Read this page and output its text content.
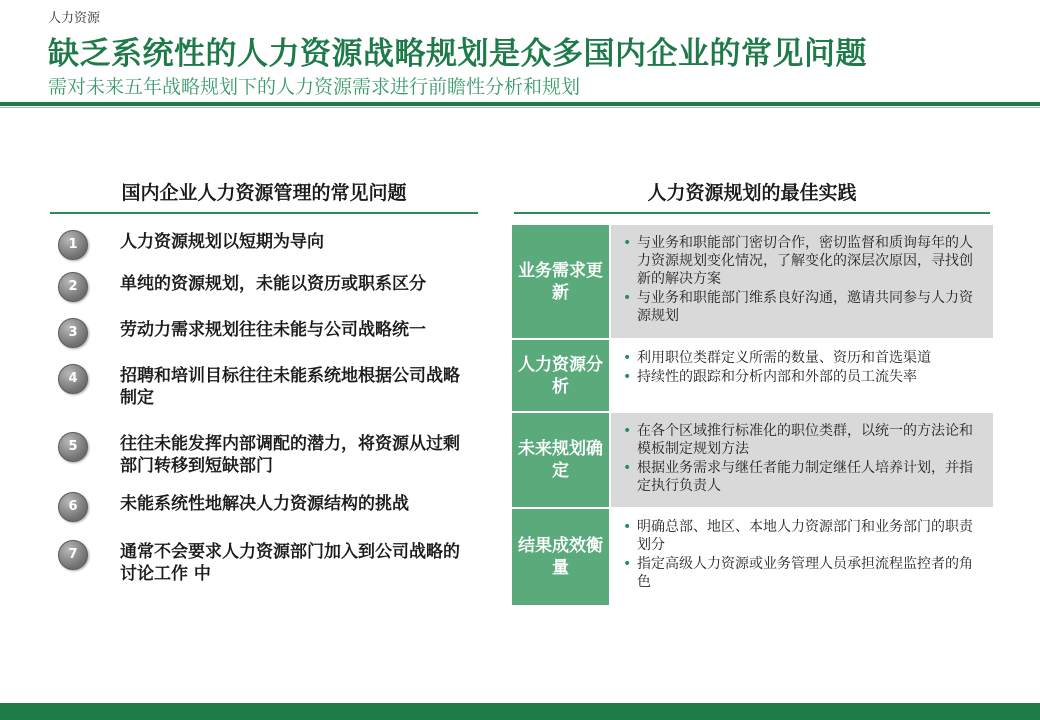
人力资源
缺乏系统性的人力资源战略规划是众多国内企业的常见问题
需对未来五年战略规划下的人力资源需求进行前瞻性分析和规划
国内企业人力资源管理的常见问题
1	人力资源规划以短期为导向
2	单纯的资源规划，未能以资历或职系区分
3	劳动力需求规划往往未能与公司战略统一
4	招聘和培训目标往往未能系统地根据公司战略制定
5	往往未能发挥内部调配的潜力，将资源从过剩部门转移到短缺部门
6	未能系统性地解决人力资源结构的挑战
7	通常不会要求人力资源部门加入到公司战略的讨论工作 中
人力资源规划的最佳实践
业务需求更新
• 与业务和职能部门密切合作，密切监督和质询每年的人力资源规划变化情况，了解变化的深层次原因，寻找创新的解决方案
• 与业务和职能部门维系良好沟通，邀请共同参与人力资源规划
人力资源分析
• 利用职位类群定义所需的数量、资历和首选渠道
• 持续性的跟踪和分析内部和外部的员工流失率
未来规划确定
• 在各个区域推行标准化的职位类群，以统一的方法论和模板制定规划方法
• 根据业务需求与继任者能力制定继任人培养计划，并指定执行负责人
结果成效衡量
• 明确总部、地区、本地人力资源部门和业务部门的职责划分
• 指定高级人力资源或业务管理人员承担流程监控者的角色
